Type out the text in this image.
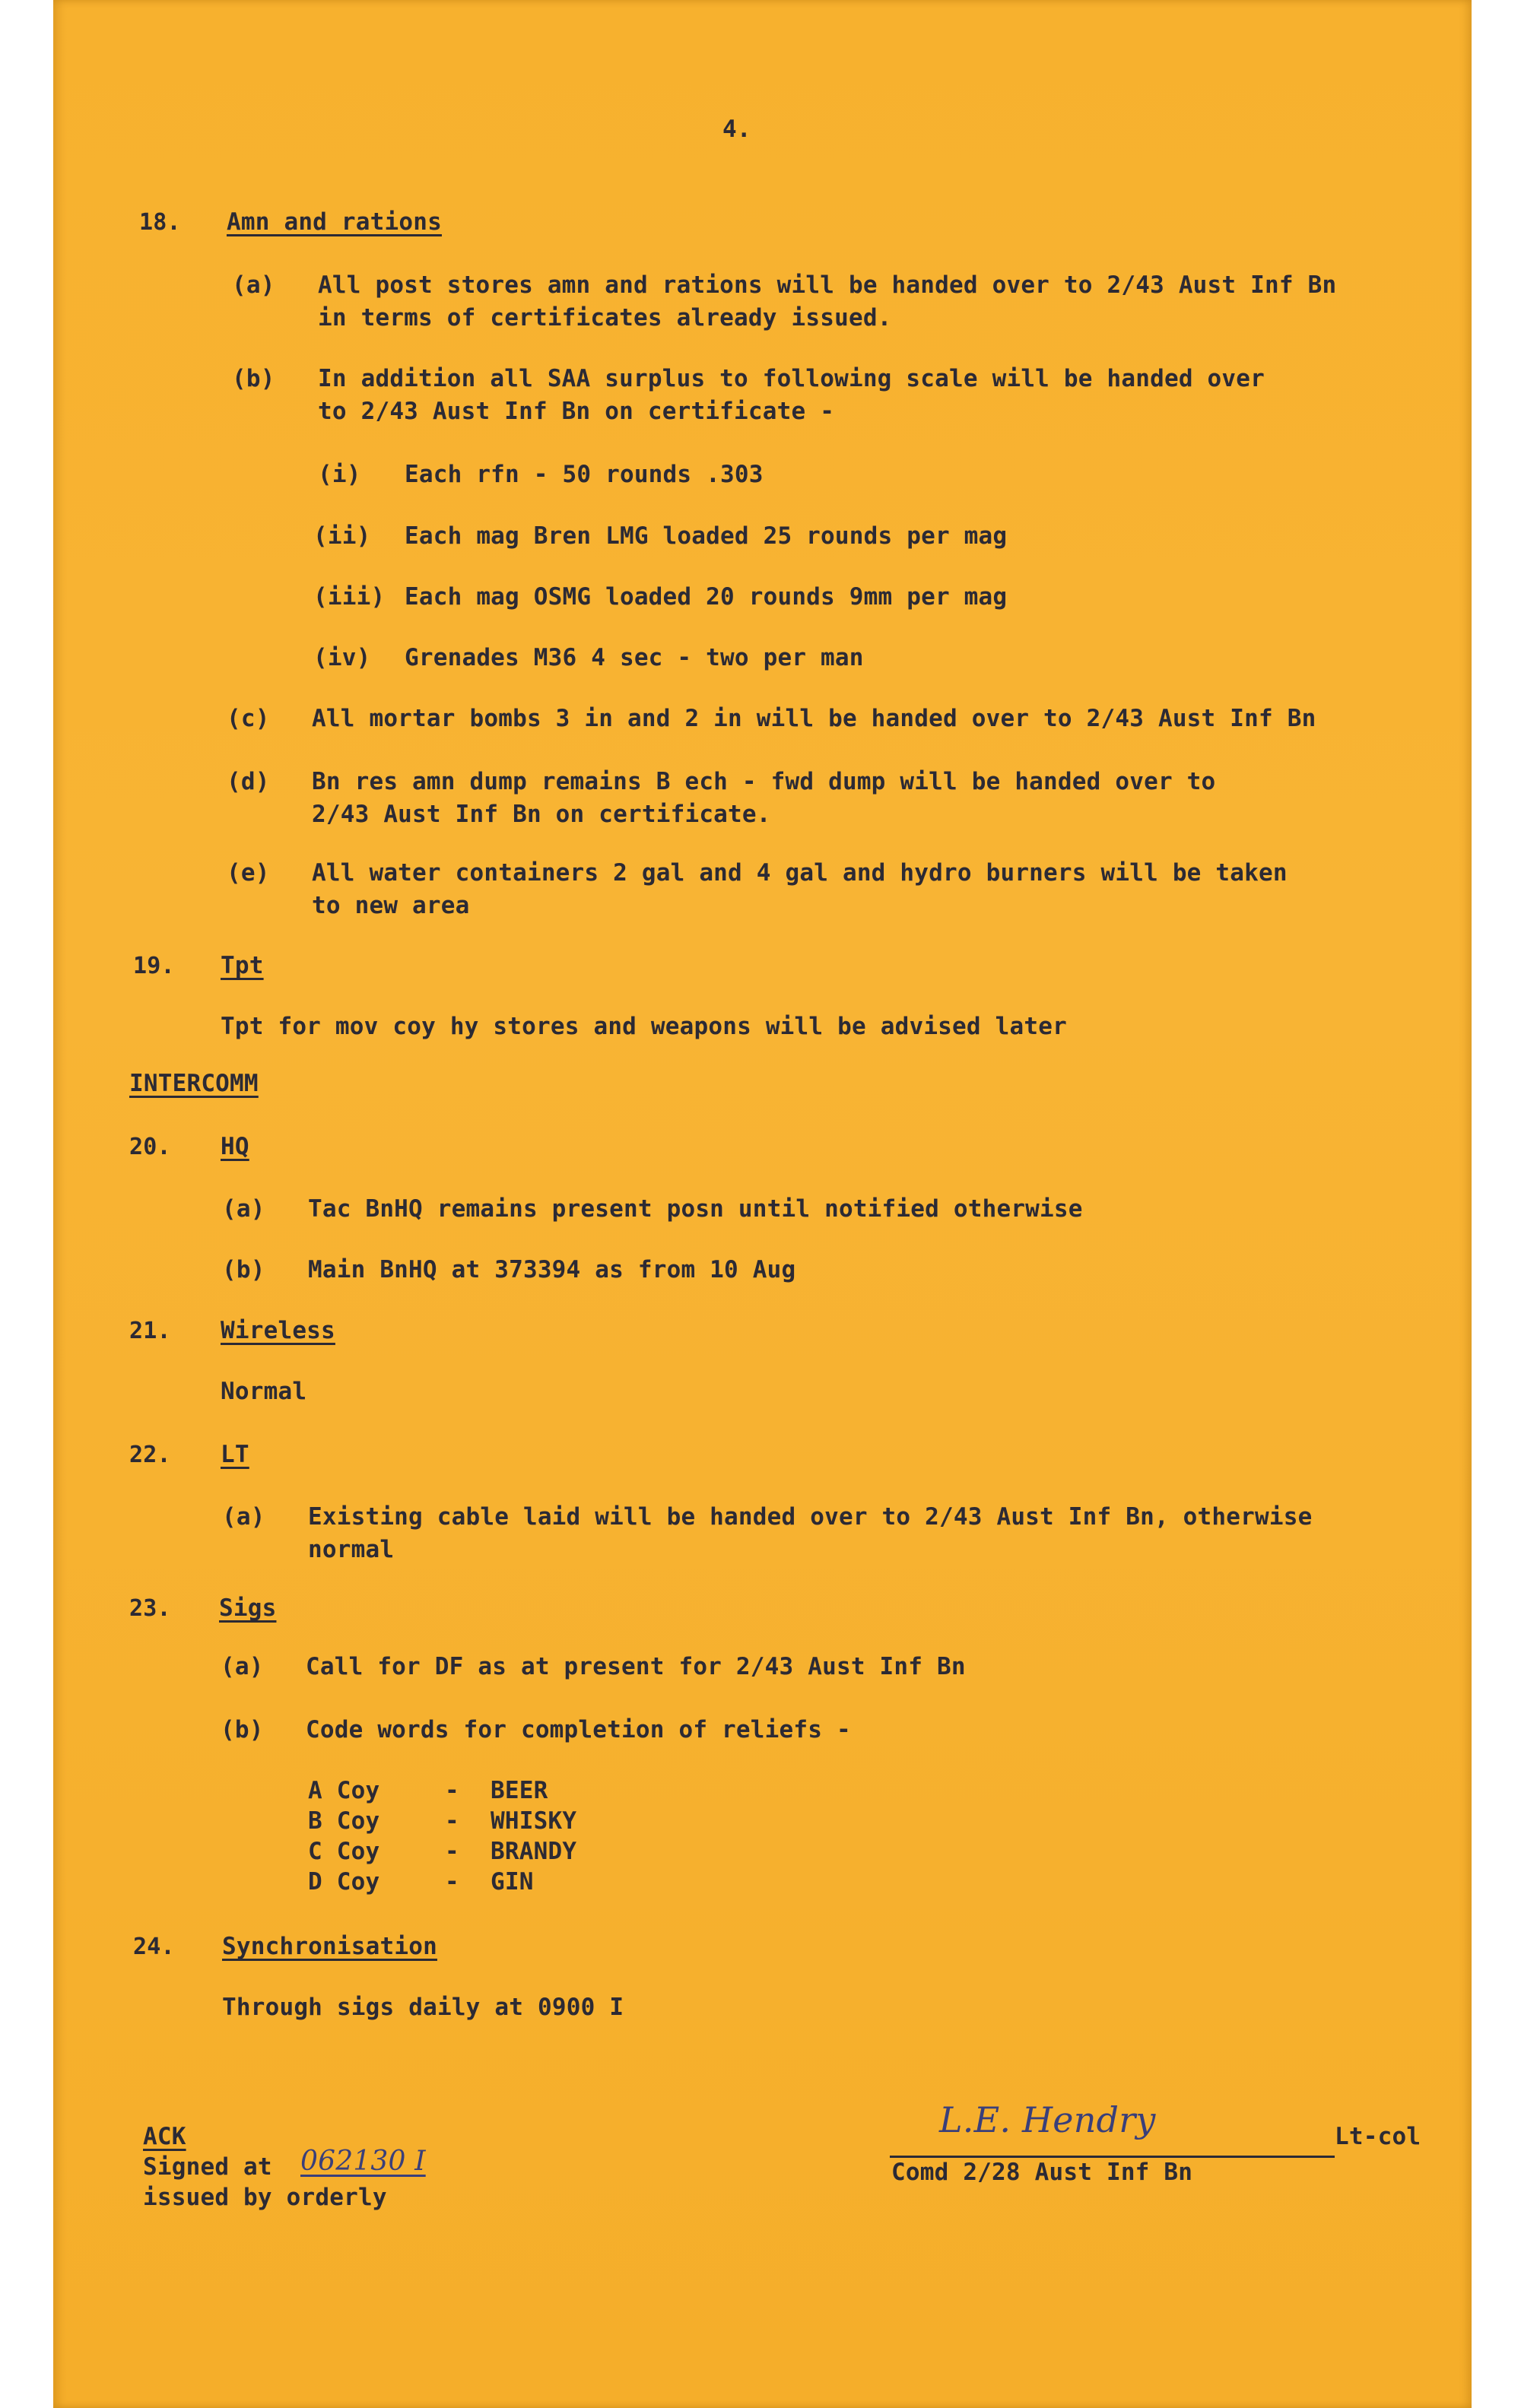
4.
18. Amn and rations
(a) All post stores amn and rations will be handed over to 2/43 Aust Inf Bn
in terms of certificates already issued.
(b) In addition all SAA surplus to following scale will be handed over
to 2/43 Aust Inf Bn on certificate -
(i) Each rfn - 50 rounds .303
(ii) Each mag Bren LMG loaded 25 rounds per mag
(iii) Each mag OSMG loaded 20 rounds 9mm per mag
(iv) Grenades M36 4 sec - two per man
(c) All mortar bombs 3 in and 2 in will be handed over to 2/43 Aust Inf Bn
(d) Bn res amn dump remains B ech - fwd dump will be handed over to
2/43 Aust Inf Bn on certificate.
(e) All water containers 2 gal and 4 gal and hydro burners will be taken
to new area
19. Tpt
Tpt for mov coy hy stores and weapons will be advised later
INTERCOMM
20. HQ
(a) Tac BnHQ remains present posn until notified otherwise
(b) Main BnHQ at 373394 as from 10 Aug
21. Wireless
Normal
22. LT
(a) Existing cable laid will be handed over to 2/43 Aust Inf Bn, otherwise
normal
23. Sigs
(a) Call for DF as at present for 2/43 Aust Inf Bn
(b) Code words for completion of reliefs -
A Coy	- BEER
B Coy	- WHISKY
C Coy	- BRANDY
D Coy	- GIN
24. Synchronisation
Through sigs daily at 0900 I
ACK
Signed at 062130 I
issued by orderly
L.E. Hendry	Lt-col
Comd 2/28 Aust Inf Bn
